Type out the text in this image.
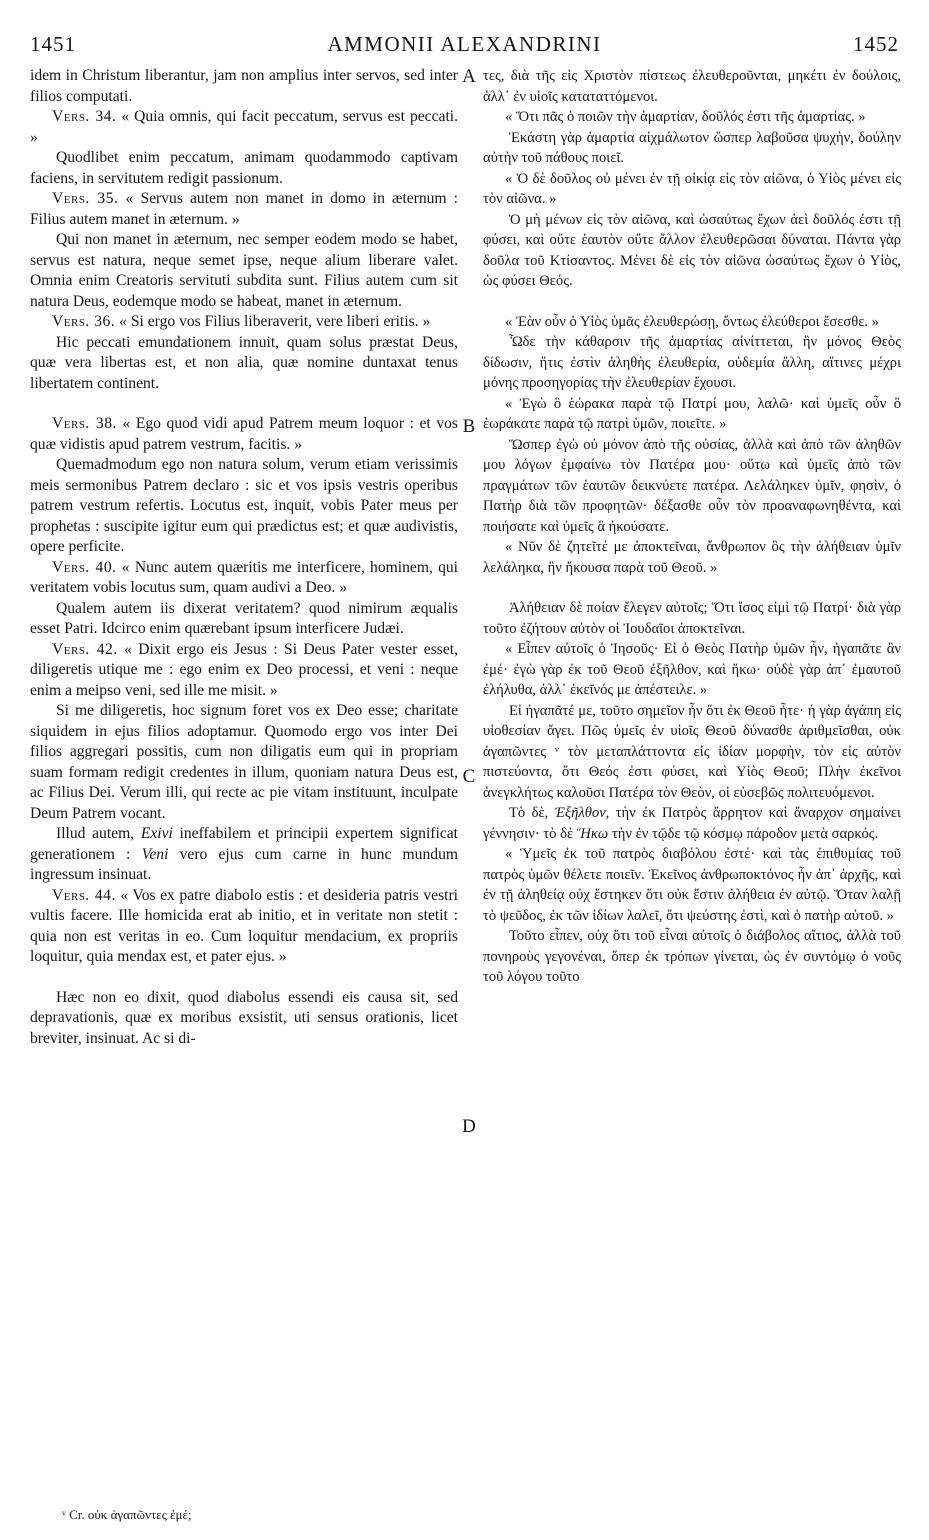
1451	AMMONII ALEXANDRINI	1452

idem in Christum liberantur, jam non amplius inter servos, sed inter filios computati.

Vers. 34. « Quia omnis, qui facit peccatum, servus est peccati. »

Quodlibet enim peccatum, animam quodammodo captivam faciens, in servitutem redigit passionum.

Vers. 35. « Servus autem non manet in domo in æternum : Filius autem manet in æternum. »

Qui non manet in æternum, nec semper eodem modo se habet, servus est natura, neque semet ipse, neque alium liberare valet. Omnia enim Creatoris servituti subdita sunt. Filius autem cum sit natura Deus, eodemque modo se habeat, manet in æternum.

Vers. 36. « Si ergo vos Filius liberaverit, vere liberi eritis. »

Hic peccati emundationem innuit, quam solus præstat Deus, quæ vera libertas est, et non alia, quæ nomine duntaxat tenus libertatem continent.

Vers. 38. « Ego quod vidi apud Patrem meum loquor : et vos quæ vidistis apud patrem vestrum, facitis. »

Quemadmodum ego non natura solum, verum etiam verissimis meis sermonibus Patrem declaro : sic et vos ipsis vestris operibus patrem vestrum refertis. Locutus est, inquit, vobis Pater meus per prophetas : suscipite igitur eum qui prædictus est; et quæ audivistis, opere perficite.

Vers. 40. « Nunc autem quæritis me interficere, hominem, qui veritatem vobis locutus sum, quam audivi a Deo. »

Qualem autem iis dixerat veritatem? quod nimirum æqualis esset Patri. Idcirco enim quærebant ipsum interficere Judæi.

Vers. 42. « Dixit ergo eis Jesus : Si Deus Pater vester esset, diligeretis utique me : ego enim ex Deo processi, et veni : neque enim a meipso veni, sed ille me misit. »

Si me diligeretis, hoc signum foret vos ex Deo esse; charitate siquidem in ejus filios adoptamur. Quomodo ergo vos inter Dei filios aggregari possitis, cum non diligatis eum qui in propriam suam formam redigit credentes in illum, quoniam natura Deus est, ac Filius Dei. Verum illi, qui recte ac pie vitam instituunt, inculpate Deum Patrem vocant.

Illud autem, Exivi ineffabilem et principii expertem significat generationem : Veni vero ejus cum carne in hunc mundum ingressum insinuat.

Vers. 44. « Vos ex patre diabolo estis : et desideria patris vestri vultis facere. Ille homicida erat ab initio, et in veritate non stetit : quia non est veritas in eo. Cum loquitur mendacium, ex propriis loquitur, quia mendax est, et pater ejus. »

Hæc non eo dixit, quod diabolus essendi eis causa sit, sed depravationis, quæ ex moribus exsistit, uti sensus orationis, licet breviter, insinuat. Ac si di-

A
B
C
D

τες, διὰ τῆς εἰς Χριστὸν πίστεως ἐλευθεροῦνται, μηκέτι ἐν δούλοις, ἀλλ᾽ ἐν υἱοῖς καταταττόμενοι.

« Ὅτι πᾶς ὁ ποιῶν τὴν ἁμαρτίαν, δοῦλός ἐστι τῆς ἁμαρτίας. »

Ἑκάστη γὰρ ἁμαρτία αἰχμάλωτον ὥσπερ λαβοῦσα ψυχὴν, δούλην αὐτὴν τοῦ πάθους ποιεῖ.

« Ὁ δὲ δοῦλος οὐ μένει ἐν τῇ οἰκίᾳ εἰς τὸν αἰῶνα, ὁ Υἱὸς μένει εἰς τὸν αἰῶνα. »

Ὁ μὴ μένων εἰς τὸν αἰῶνα, καὶ ὡσαύτως ἔχων ἀεὶ δοῦλός ἐστι τῇ φύσει, καὶ οὔτε ἑαυτὸν οὔτε ἄλλον ἐλευθερῶσαι δύναται. Πάντα γὰρ δοῦλα τοῦ Κτίσαντος. Μένει δὲ εἰς τὸν αἰῶνα ὡσαύτως ἔχων ὁ Υἱὸς, ὡς φύσει Θεός.

« Ἐὰν οὖν ὁ Υἱὸς ὑμᾶς ἐλευθερώσῃ, ὄντως ἐλεύθεροι ἔσεσθε. »

Ὧδε τὴν κάθαρσιν τῆς ἁμαρτίας αἰνίττεται, ἣν μόνος Θεὸς δίδωσιν, ἥτις ἐστὶν ἀληθὴς ἐλευθερία, οὐδεμία ἄλλη, αἵτινες μέχρι μόνης προσηγορίας τὴν ἐλευθερίαν ἔχουσι.

« Ἐγὼ ὃ ἑώρακα παρὰ τῷ Πατρί μου, λαλῶ· καὶ ὑμεῖς οὖν ὃ ἑωράκατε παρὰ τῷ πατρὶ ὑμῶν, ποιεῖτε. »

Ὥσπερ ἐγὼ οὐ μόνον ἀπὸ τῆς οὐσίας, ἀλλὰ καὶ ἀπὸ τῶν ἀληθῶν μου λόγων ἐμφαίνω τὸν Πατέρα μου· οὕτω καὶ ὑμεῖς ἀπὸ τῶν πραγμάτων τῶν ἑαυτῶν δεικνύετε πατέρα. Λελάληκεν ὑμῖν, φησὶν, ὁ Πατὴρ διὰ τῶν προφητῶν· δέξασθε οὖν τὸν προαναφωνηθέντα, καὶ ποιήσατε καὶ ὑμεῖς ἃ ἠκούσατε.

« Νῦν δὲ ζητεῖτέ με ἀποκτεῖναι, ἄνθρωπον ὃς τὴν ἀλήθειαν ὑμῖν λελάληκα, ἣν ἤκουσα παρὰ τοῦ Θεοῦ. »

Ἀλήθειαν δὲ ποίαν ἔλεγεν αὐτοῖς; Ὅτι ἴσος εἰμὶ τῷ Πατρί· διὰ γὰρ τοῦτο ἐζήτουν αὐτὸν οἱ Ἰουδαῖοι ἀποκτεῖναι.

« Εἶπεν αὐτοῖς ὁ Ἰησοῦς· Εἰ ὁ Θεὸς Πατὴρ ὑμῶν ἦν, ἠγαπᾶτε ἂν ἐμέ· ἐγὼ γὰρ ἐκ τοῦ Θεοῦ ἐξῆλθον, καὶ ἥκω· οὐδὲ γὰρ ἀπ᾽ ἐμαυτοῦ ἐλήλυθα, ἀλλ᾽ ἐκεῖνός με ἀπέστειλε. »

Εἰ ἠγαπᾶτέ με, τοῦτο σημεῖον ἦν ὅτι ἐκ Θεοῦ ἦτε· ἡ γὰρ ἀγάπη εἰς υἱοθεσίαν ἄγει. Πῶς ὑμεῖς ἐν υἱοῖς Θεοῦ δύνασθε ἀριθμεῖσθαι, οὐκ ἀγαπῶντες ᵛ τὸν μεταπλάττοντα εἰς ἰδίαν μορφὴν, τὸν εἰς αὐτὸν πιστεύοντα, ὅτι Θεός ἐστι φύσει, καὶ Υἱὸς Θεοῦ; Πλὴν ἐκεῖνοι ἀνεγκλήτως καλοῦσι Πατέρα τὸν Θεὸν, οἱ εὐσεβῶς πολιτευόμενοι.

Τὸ δὲ, Ἐξῆλθον, τὴν ἐκ Πατρὸς ἄρρητον καὶ ἄναρχον σημαίνει γέννησιν· τὸ δὲ Ἥκω τὴν ἐν τῷδε τῷ κόσμῳ πάροδον μετὰ σαρκός.

« Ὑμεῖς ἐκ τοῦ πατρὸς διαβόλου ἐστέ· καὶ τὰς ἐπιθυμίας τοῦ πατρὸς ὑμῶν θέλετε ποιεῖν. Ἐκεῖνος ἀνθρωποκτόνος ἦν ἀπ᾽ ἀρχῆς, καὶ ἐν τῇ ἀληθείᾳ οὐχ ἕστηκεν ὅτι οὐκ ἔστιν ἀλήθεια ἐν αὐτῷ. Ὅταν λαλῇ τὸ ψεῦδος, ἐκ τῶν ἰδίων λαλεῖ, ὅτι ψεύστης ἐστὶ, καὶ ὁ πατὴρ αὐτοῦ. »

Τοῦτο εἶπεν, οὐχ ὅτι τοῦ εἶναι αὐτοῖς ὁ διάβολος αἴτιος, ἀλλὰ τοῦ πονηροὺς γεγονέναι, ὅπερ ἐκ τρόπων γίνεται, ὡς ἐν συντόμῳ ὁ νοῦς τοῦ λόγου τοῦτο

ᵛ Cr. οὐκ ἀγαπῶντες ἐμέ;
